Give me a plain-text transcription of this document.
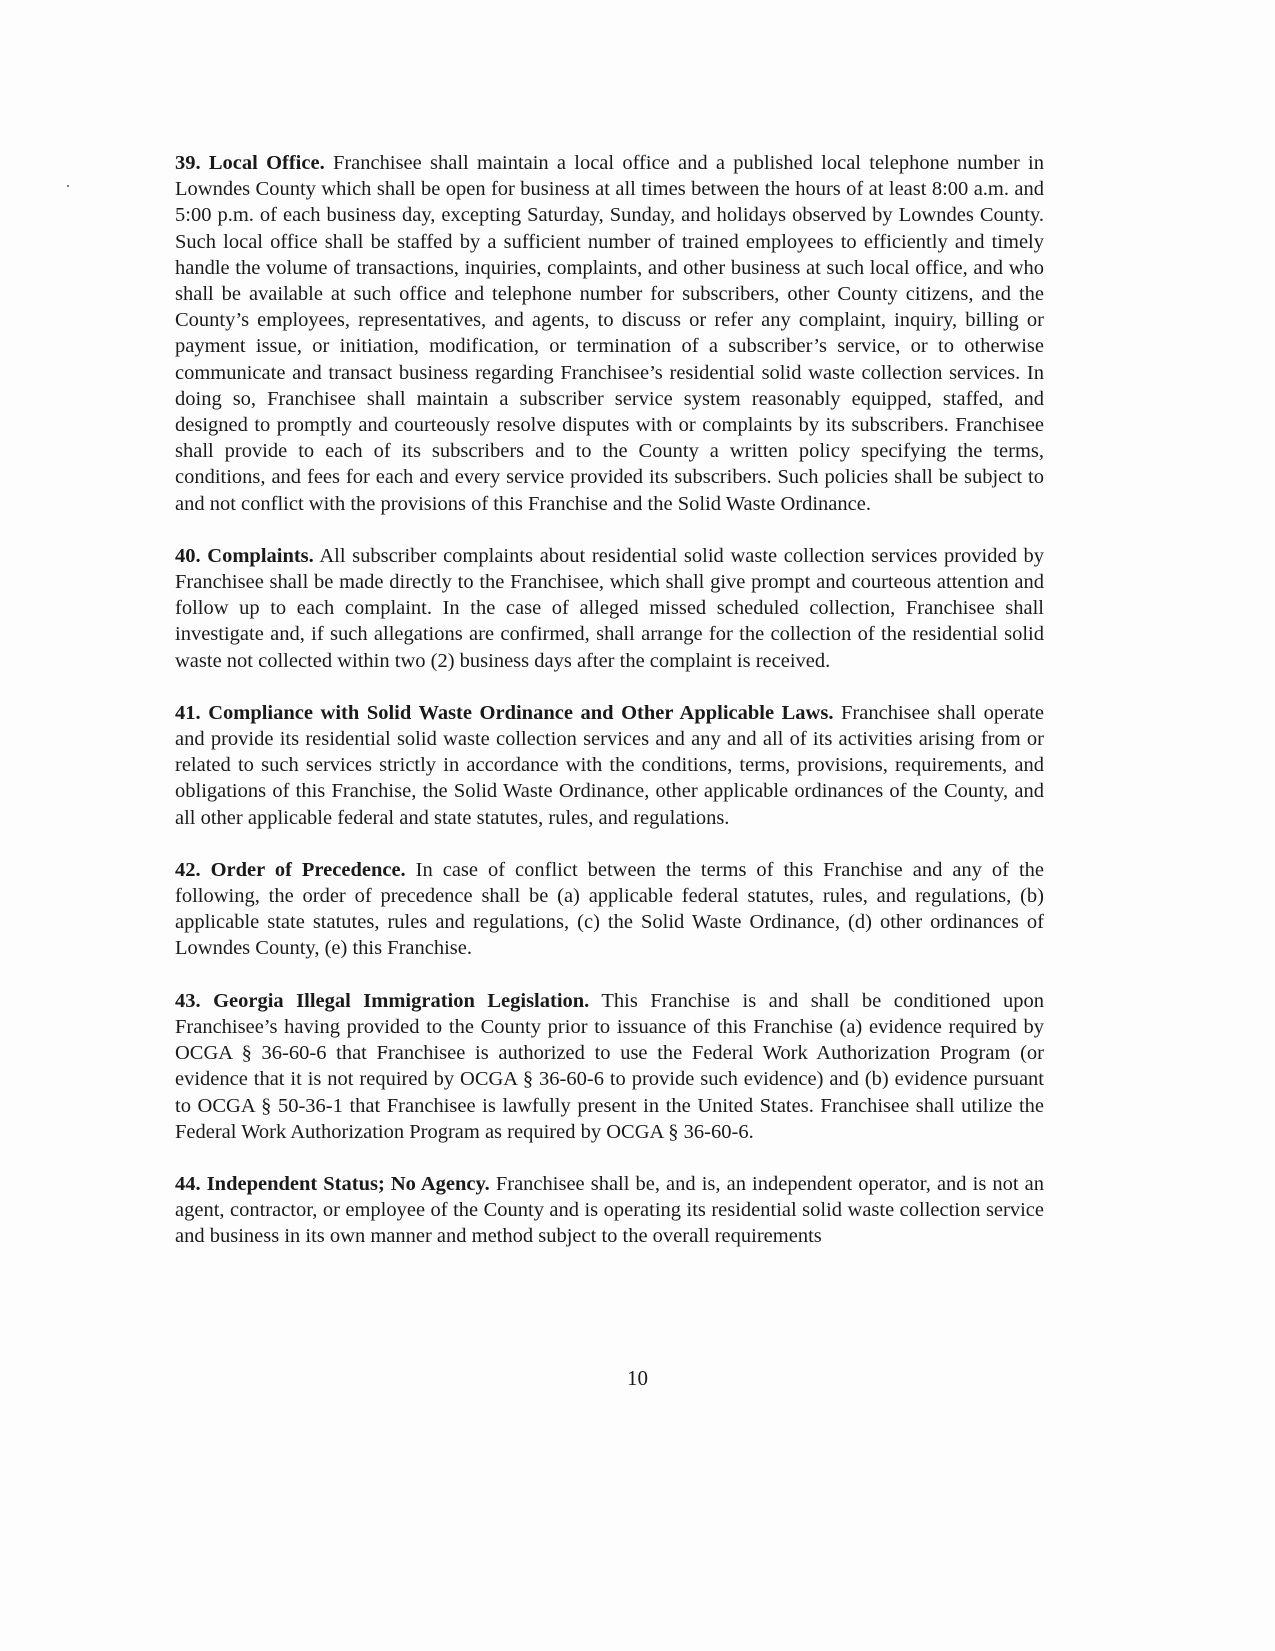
39. Local Office. Franchisee shall maintain a local office and a published local telephone number in Lowndes County which shall be open for business at all times between the hours of at least 8:00 a.m. and 5:00 p.m. of each business day, excepting Saturday, Sunday, and holidays observed by Lowndes County. Such local office shall be staffed by a sufficient number of trained employees to efficiently and timely handle the volume of transactions, inquiries, complaints, and other business at such local office, and who shall be available at such office and telephone number for subscribers, other County citizens, and the County’s employees, representatives, and agents, to discuss or refer any complaint, inquiry, billing or payment issue, or initiation, modification, or termination of a subscriber’s service, or to otherwise communicate and transact business regarding Franchisee’s residential solid waste collection services. In doing so, Franchisee shall maintain a subscriber service system reasonably equipped, staffed, and designed to promptly and courteously resolve disputes with or complaints by its subscribers. Franchisee shall provide to each of its subscribers and to the County a written policy specifying the terms, conditions, and fees for each and every service provided its subscribers. Such policies shall be subject to and not conflict with the provisions of this Franchise and the Solid Waste Ordinance.

40. Complaints. All subscriber complaints about residential solid waste collection services provided by Franchisee shall be made directly to the Franchisee, which shall give prompt and courteous attention and follow up to each complaint. In the case of alleged missed scheduled collection, Franchisee shall investigate and, if such allegations are confirmed, shall arrange for the collection of the residential solid waste not collected within two (2) business days after the complaint is received.

41. Compliance with Solid Waste Ordinance and Other Applicable Laws. Franchisee shall operate and provide its residential solid waste collection services and any and all of its activities arising from or related to such services strictly in accordance with the conditions, terms, provisions, requirements, and obligations of this Franchise, the Solid Waste Ordinance, other applicable ordinances of the County, and all other applicable federal and state statutes, rules, and regulations.

42. Order of Precedence. In case of conflict between the terms of this Franchise and any of the following, the order of precedence shall be (a) applicable federal statutes, rules, and regulations, (b) applicable state statutes, rules and regulations, (c) the Solid Waste Ordinance, (d) other ordinances of Lowndes County, (e) this Franchise.

43. Georgia Illegal Immigration Legislation. This Franchise is and shall be conditioned upon Franchisee’s having provided to the County prior to issuance of this Franchise (a) evidence required by OCGA § 36-60-6 that Franchisee is authorized to use the Federal Work Authorization Program (or evidence that it is not required by OCGA § 36-60-6 to provide such evidence) and (b) evidence pursuant to OCGA § 50-36-1 that Franchisee is lawfully present in the United States. Franchisee shall utilize the Federal Work Authorization Program as required by OCGA § 36-60-6.

44. Independent Status; No Agency. Franchisee shall be, and is, an independent operator, and is not an agent, contractor, or employee of the County and is operating its residential solid waste collection service and business in its own manner and method subject to the overall requirements

10
